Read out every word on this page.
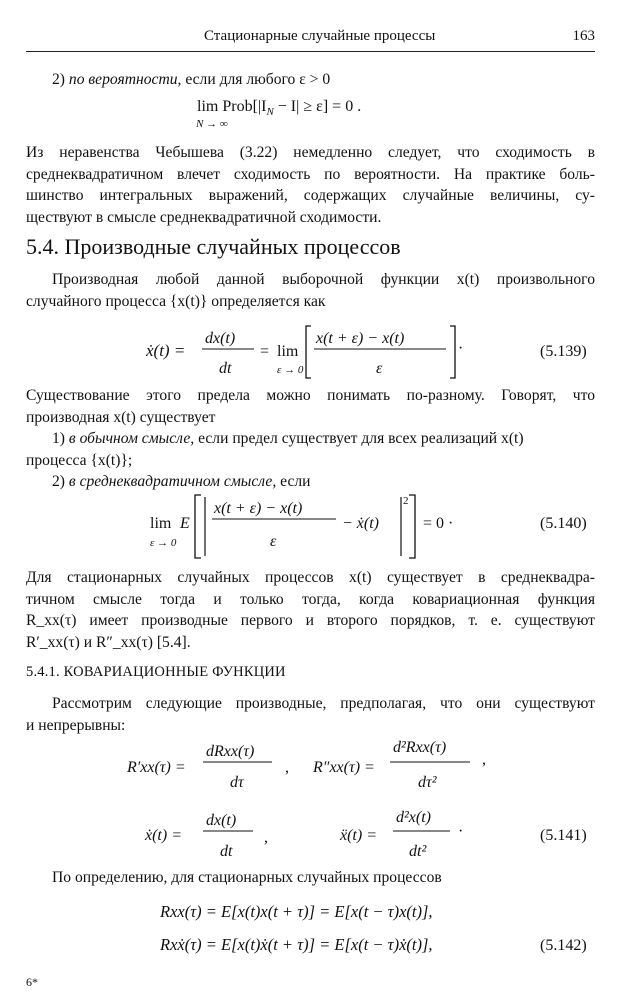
Стационарные случайные процессы	163
2) по вероятности, если для любого ε > 0
$\lim Prob[|I_N - I| \ge \varepsilon] = 0$ .
N → ∞
Из неравенства Чебышева (3.22) немедленно следует, что сходимость в
среднеквадратичном влечет сходимость по вероятности. На практике боль-
шинство интегральных выражений, содержащих случайные величины, су-
ществуют в смысле среднеквадратичной сходимости.
5.4. Производные случайных процессов
Производная любой данной выборочной функции x(t) произвольного
случайного процесса {x(t)} определяется как
ẋ(t) =
dx(t)
dt
= lim
ε → 0
x(t + ε) − x(t)
ε
·	(5.139)
Существование этого предела можно понимать по-разному. Говорят, что
производная x(t) существует
1) в обычном смысле, если предел существует для всех реализаций x(t)
процесса {x(t)};
2) в среднеквадратичном смысле, если
lim E
ε → 0
x(t + ε) − x(t)
ε
− ẋ(t)
2
= 0 ·	(5.140)
Для стационарных случайных процессов x(t) существует в среднеквадра-
тичном смысле тогда и только тогда, когда ковариационная функция
R_xx(τ) имеет производные первого и второго порядков, т. е. существуют
R′_xx(τ) и R″_xx(τ) [5.4].
5.4.1. КОВАРИАЦИОННЫЕ ФУНКЦИИ
Рассмотрим следующие производные, предполагая, что они существуют
и непрерывны:
R′xx(τ) =
dRxx(τ)
dτ
, R″xx(τ) =
d²Rxx(τ)
dτ²
,
ẋ(t) =
dx(t)
dt
,	ẍ(t) =
d²x(t)
dt²
·	(5.141)
По определению, для стационарных случайных процессов
Rxx(τ) = E[x(t)x(t + τ)] = E[x(t − τ)x(t)],
Rxẋ(τ) = E[x(t)ẋ(t + τ)] = E[x(t − τ)ẋ(t)],	(5.142)
6*
